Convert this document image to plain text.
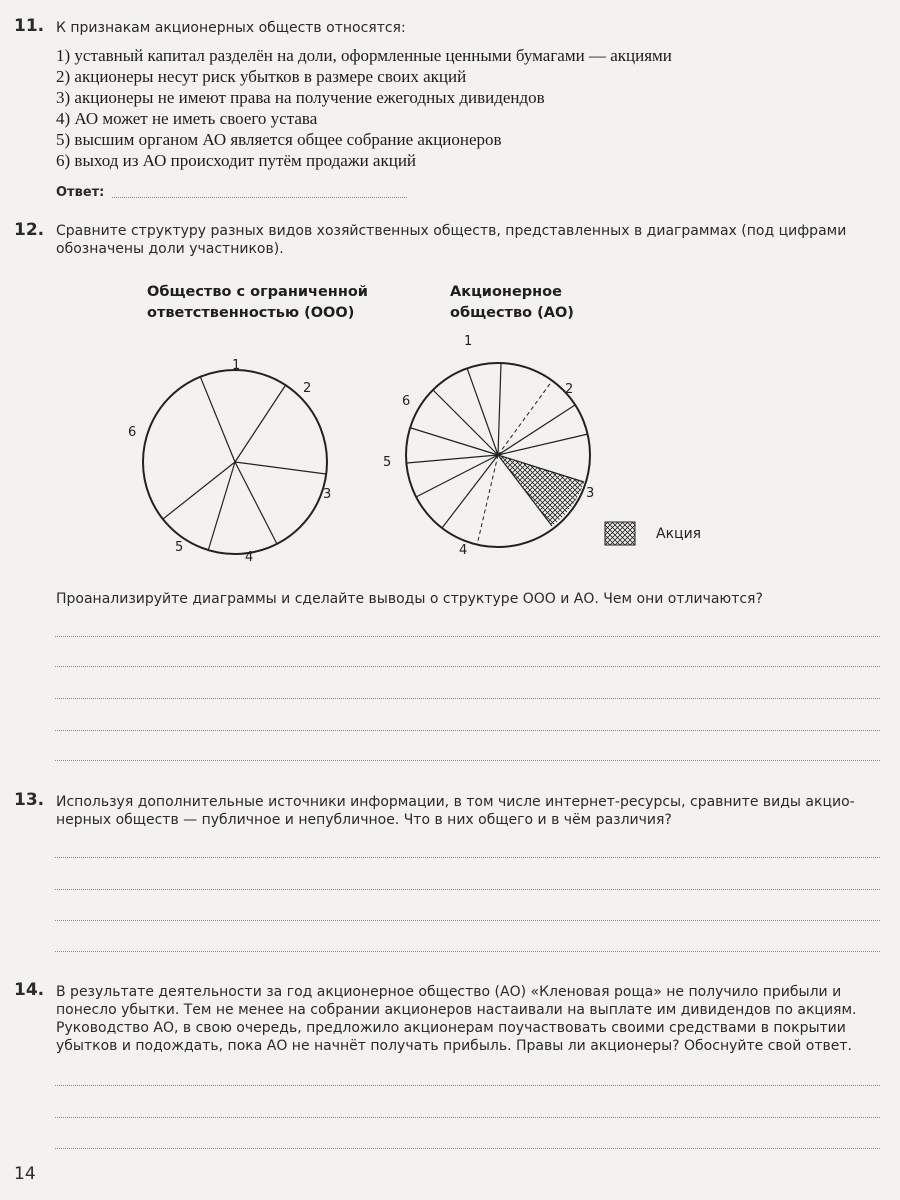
11. К признакам акционерных обществ относятся:
1) уставный капитал разделён на доли, оформленные ценными бумагами — акциями
2) акционеры несут риск убытков в размере своих акций
3) акционеры не имеют права на получение ежегодных дивидендов
4) АО может не иметь своего устава
5) высшим органом АО является общее собрание акционеров
6) выход из АО происходит путём продажи акций
Ответ:
12. Сравните структуру разных видов хозяйственных обществ, представленных в диаграммах (под цифрами
обозначены доли участников).
Общество с ограниченной
ответственностью (ООО)
Акционерное
общество (АО)
1
2
3
4
5
6
1
2
3
4
5
6
Акция
Проанализируйте диаграммы и сделайте выводы о структуре ООО и АО. Чем они отличаются?
13. Используя дополнительные источники информации, в том числе интернет-ресурсы, сравните виды акцио-
нерных обществ — публичное и непубличное. Что в них общего и в чём различия?
14. В результате деятельности за год акционерное общество (АО) «Кленовая роща» не получило прибыли и
понесло убытки. Тем не менее на собрании акционеров настаивали на выплате им дивидендов по акциям.
Руководство АО, в свою очередь, предложило акционерам поучаствовать своими средствами в покрытии
убытков и подождать, пока АО не начнёт получать прибыль. Правы ли акционеры? Обоснуйте свой ответ.
14
